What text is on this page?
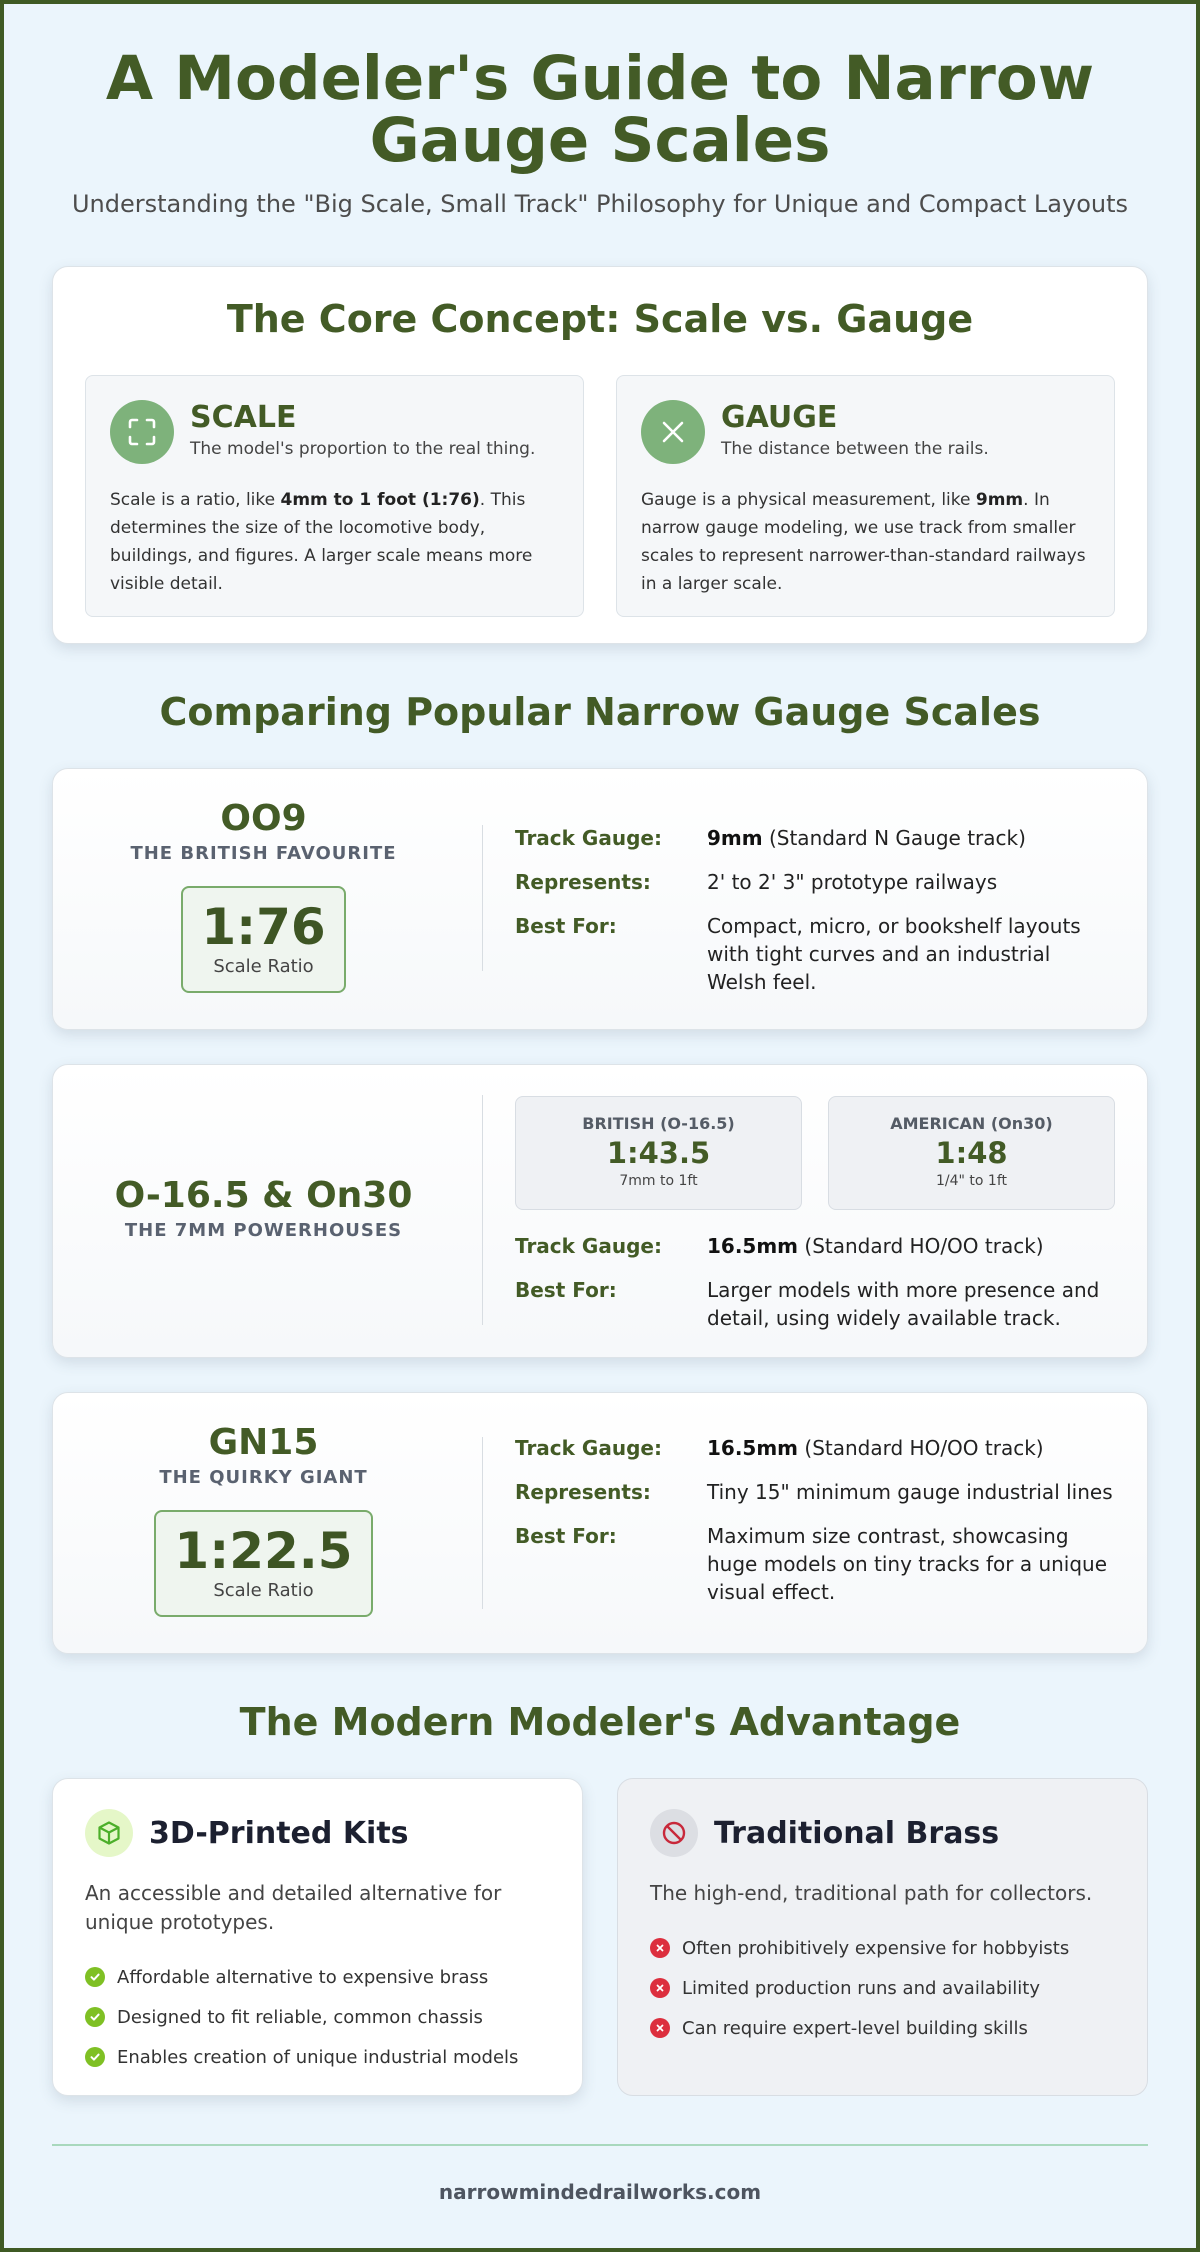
A Modeler's Guide to Narrow Gauge Scales

Understanding the "Big Scale, Small Track" Philosophy for Unique and Compact Layouts

The Core Concept: Scale vs. Gauge
SCALE
The model's proportion to the real thing.

Scale is a ratio, like 4mm to 1 foot (1:76). This determines the size of the locomotive body, buildings, and figures. A larger scale means more visible detail.

GAUGE
The distance between the rails.

Gauge is a physical measurement, like 9mm. In narrow gauge modeling, we use track from smaller scales to represent narrower-than-standard railways in a larger scale.

Comparing Popular Narrow Gauge Scales
OO9
THE BRITISH FAVOURITE
1:76
Scale Ratio
Track Gauge:	9mm (Standard N Gauge track)
Represents:	2' to 2' 3" prototype railways
Best For:	Compact, micro, or bookshelf layouts with tight curves and an industrial Welsh feel.
O-16.5 & On30
THE 7MM POWERHOUSES
BRITISH (O-16.5)
1:43.5
7mm to 1ft
AMERICAN (On30)
1:48
1/4" to 1ft
Track Gauge:	16.5mm (Standard HO/OO track)
Best For:	Larger models with more presence and detail, using widely available track.
GN15
THE QUIRKY GIANT
1:22.5
Scale Ratio
Track Gauge:	16.5mm (Standard HO/OO track)
Represents:	Tiny 15" minimum gauge industrial lines
Best For:	Maximum size contrast, showcasing huge models on tiny tracks for a unique visual effect.
The Modern Modeler's Advantage
3D-Printed Kits

An accessible and detailed alternative for unique prototypes.

Affordable alternative to expensive brass
Designed to fit reliable, common chassis
Enables creation of unique industrial models
Traditional Brass

The high-end, traditional path for collectors.

Often prohibitively expensive for hobbyists
Limited production runs and availability
Can require expert-level building skills
narrowmindedrailworks.com
